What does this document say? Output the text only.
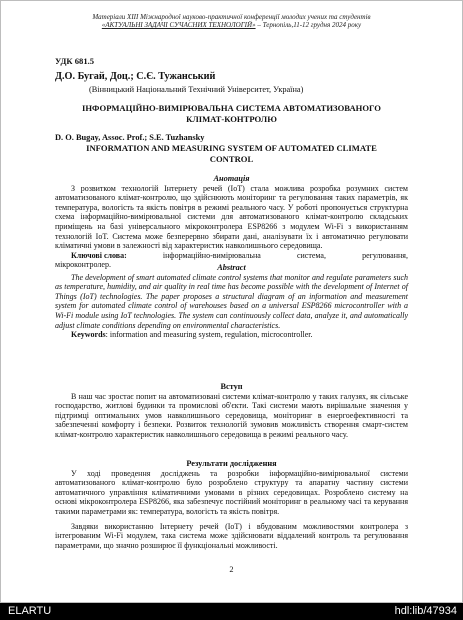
Матеріали XIII Міжнародної науково-практичної конференції молодих учених та студентів
«АКТУАЛЬНІ ЗАДАЧІ СУЧАСНИХ ТЕХНОЛОГІЙ» – Тернопіль,11-12 грудня 2024 року
УДК 681.5
Д.О. Бугай, Доц.; С.Є. Тужанський
(Вінницький Національний Технічний Університет, Україна)
ІНФОРМАЦІЙНО-ВИМІРЮВАЛЬНА СИСТЕМА АВТОМАТИЗОВАНОГО КЛІМАТ-КОНТРОЛЮ
D. O. Bugay, Assoc. Prof.; S.E. Tuzhansky
INFORMATION AND MEASURING SYSTEM OF AUTOMATED CLIMATE CONTROL
Анотація
З розвитком технологій Інтернету речей (IoT) стала можлива розробка розумних систем автоматизованого клімат-контролю, що здійснюють моніторинг та регулювання таких параметрів, як температура, вологість та якість повітря в режимі реального часу. У роботі пропонується структурна схема інформаційно-вимірювальної системи для автоматизованого клімат-контролю складських приміщень на базі універсального мікроконтролера ESP8266 з модулем Wi-Fi з використанням технологій IoT. Система може безперервно збирати дані, аналізувати їх і автоматично регулювати кліматичні умови в залежності від характеристик навколишнього середовища.
Ключові слова:	інформаційно-вимірювальна	система,	регулювання,
мікроконтролер.	Abstract
The development of smart automated climate control systems that monitor and regulate parameters such as temperature, humidity, and air quality in real time has become possible with the development of Internet of Things (IoT) technologies. The paper proposes a structural diagram of an information and measurement system for automated climate control of warehouses based on a universal ESP8266 microcontroller with a Wi-Fi module using IoT technologies. The system can continuously collect data, analyze it, and automatically adjust climate conditions depending on environmental characteristics.
Keywords: information and measuring system, regulation, microcontroller.
Вступ
В наш час зростає попит на автоматизовані системи клімат-контролю у таких галузях, як сільське господарство, житлові будинки та промислові об'єкти. Такі системи мають вирішальне значення у підтримці оптимальних умов навколишнього середовища, моніторинг в енергоефективності та забезпеченні комфорту і безпеки. Розвиток технологій зумовив можливість створення смарт-систем клімат-контролю характеристик навколишнього середовища в режимі реального часу.
Результати дослідження
У ході проведення досліджень та розробки інформаційно-вимірювальної системи автоматизованого клімат-контролю було розроблено структуру та апаратну частину системи автоматичного управління кліматичними умовами в різних середовищах. Розроблено систему на основі мікроконтролера ESP8266, яка забезпечує постійний моніторинг в реальному часі та керування такими параметрами як: температура, вологість та якість повітря.
Завдяки використанню Інтернету речей (IoT) і вбудованим можливостями контролера з інтегрованим Wi-Fi модулем, така система може здійснювати віддалений контроль та регулювання параметрами, що значно розширює її функціональні можливості.
2
ELARTU	hdl:lib/47934
